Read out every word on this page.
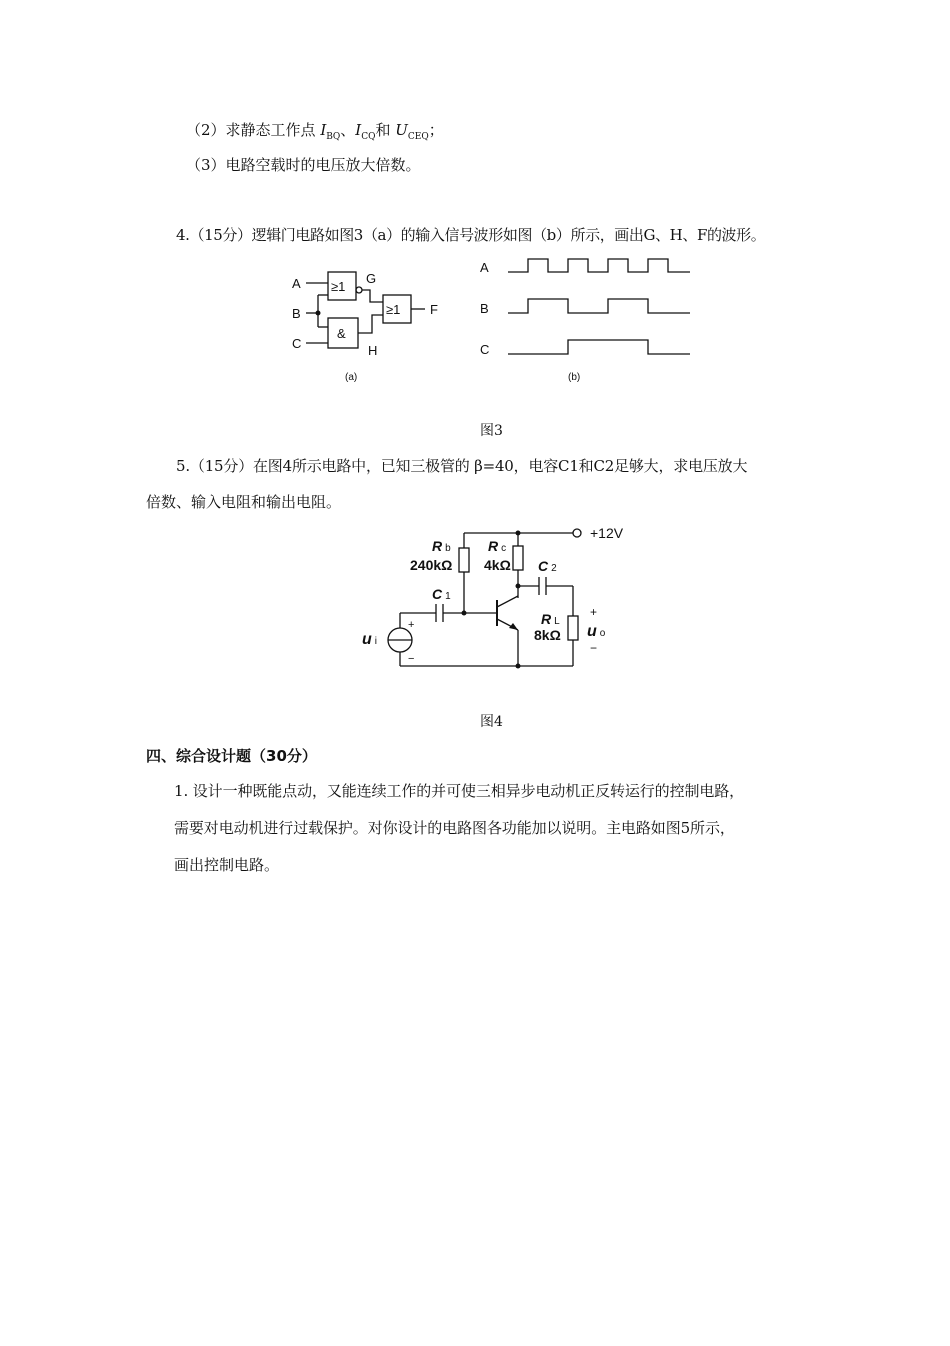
（2）求静态工作点 $I_{BQ}$、$I_{CQ}$和 $U_{CEQ}$；
（3）电路空载时的电压放大倍数。
4.（15分）逻辑门电路如图3（a）的输入信号波形如图（b）所示，画出G、H、F的波形。
A
B
C
G
H
F
≥1
&
≥1
A
B
C
(a)	(b)
图3
5.（15分）在图4所示电路中，已知三极管的 β=40，电容C1和C2足够大，求电压放大
倍数、输入电阻和输出电阻。
+12V
R b
240kΩ
R c
4kΩ C 2
C 1
R L
8kΩ
ui
uo
+
−
+
−
图4
四、综合设计题（30分）
1. 设计一种既能点动，又能连续工作的并可使三相异步电动机正反转运行的控制电路，
需要对电动机进行过载保护。对你设计的电路图各功能加以说明。主电路如图5所示，
画出控制电路。
